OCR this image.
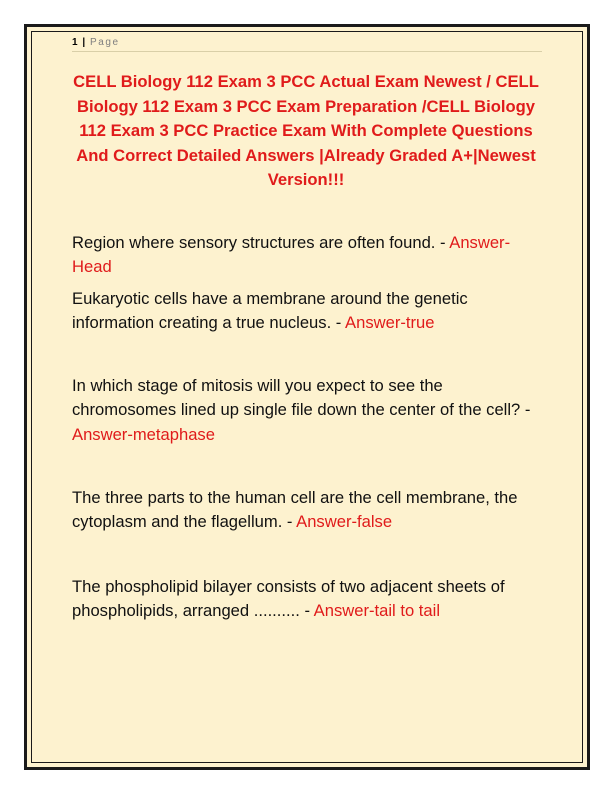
1 | Page
CELL Biology 112 Exam 3 PCC Actual Exam Newest / CELL Biology 112 Exam 3 PCC Exam Preparation /CELL Biology 112 Exam 3 PCC Practice Exam With Complete Questions And Correct Detailed Answers |Already Graded A+|Newest Version!!!
Region where sensory structures are often found. - Answer-Head
Eukaryotic cells have a membrane around the genetic information creating a true nucleus. - Answer-true
In which stage of mitosis will you expect to see the chromosomes lined up single file down the center of the cell? - Answer-metaphase
The three parts to the human cell are the cell membrane, the cytoplasm and the flagellum. - Answer-false
The phospholipid bilayer consists of two adjacent sheets of phospholipids, arranged .......... - Answer-tail to tail
